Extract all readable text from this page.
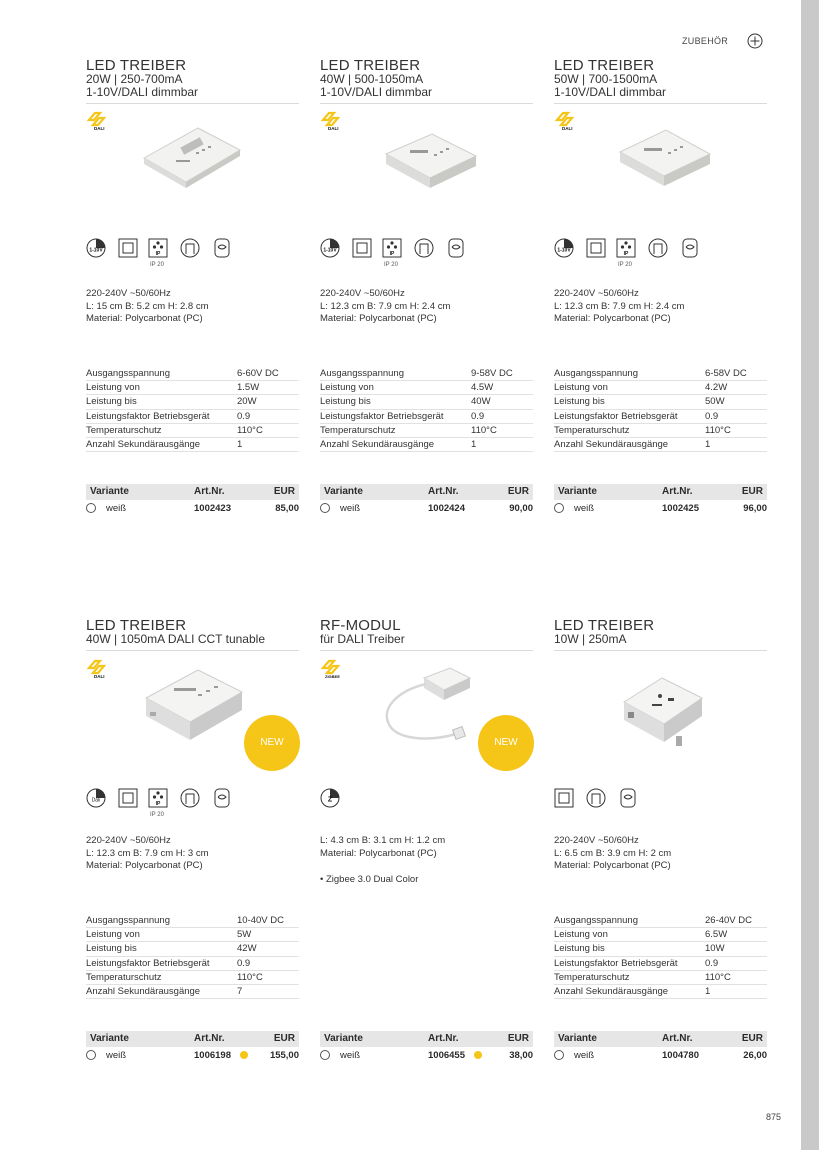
ZUBEHÖR
LED TREIBER
20W | 250-700mA
1-10V/DALI dimmbar
DALI
1-10V
IP
IP 20
220-240V ~50/60Hz
L: 15 cm B: 5.2 cm H: 2.8 cm
Material: Polycarbonat (PC)
Ausgangsspannung	6-60V DC
Leistung von	1.5W
Leistung bis	20W
Leistungsfaktor Betriebsgerät	0.9
Temperaturschutz	110°C
Anzahl Sekundärausgänge	1
Variante	Art.Nr.	EUR
weiß	1002423	85,00
LED TREIBER
40W | 500-1050mA
1-10V/DALI dimmbar
DALI
1-10V
IP
IP 20
220-240V ~50/60Hz
L: 12.3 cm B: 7.9 cm H: 2.4 cm
Material: Polycarbonat (PC)
Ausgangsspannung	9-58V DC
Leistung von	4.5W
Leistung bis	40W
Leistungsfaktor Betriebsgerät	0.9
Temperaturschutz	110°C
Anzahl Sekundärausgänge	1
Variante	Art.Nr.	EUR
weiß	1002424	90,00
LED TREIBER
50W | 700-1500mA
1-10V/DALI dimmbar
DALI
1-10V
IP
IP 20
220-240V ~50/60Hz
L: 12.3 cm B: 7.9 cm H: 2.4 cm
Material: Polycarbonat (PC)
Ausgangsspannung	6-58V DC
Leistung von	4.2W
Leistung bis	50W
Leistungsfaktor Betriebsgerät	0.9
Temperaturschutz	110°C
Anzahl Sekundärausgänge	1
Variante	Art.Nr.	EUR
weiß	1002425	96,00
LED TREIBER
40W | 1050mA DALI CCT tunable
DALI
NEW
Dali
IP
IP 20
220-240V ~50/60Hz
L: 12.3 cm B: 7.9 cm H: 3 cm
Material: Polycarbonat (PC)
Ausgangsspannung	10-40V DC
Leistung von	5W
Leistung bis	42W
Leistungsfaktor Betriebsgerät	0.9
Temperaturschutz	110°C
Anzahl Sekundärausgänge	7
Variante	Art.Nr.	EUR
weiß	1006198	155,00
RF-MODUL
für DALI Treiber
ZIGBEE
NEW
Z
L: 4.3 cm B: 3.1 cm H: 1.2 cm
Material: Polycarbonat (PC)
• Zigbee 3.0 Dual Color
Variante	Art.Nr.	EUR
weiß	1006455	38,00
LED TREIBER
10W | 250mA
220-240V ~50/60Hz
L: 6.5 cm B: 3.9 cm H: 2 cm
Material: Polycarbonat (PC)
Ausgangsspannung	26-40V DC
Leistung von	6.5W
Leistung bis	10W
Leistungsfaktor Betriebsgerät	0.9
Temperaturschutz	110°C
Anzahl Sekundärausgänge	1
Variante	Art.Nr.	EUR
weiß	1004780	26,00
875
